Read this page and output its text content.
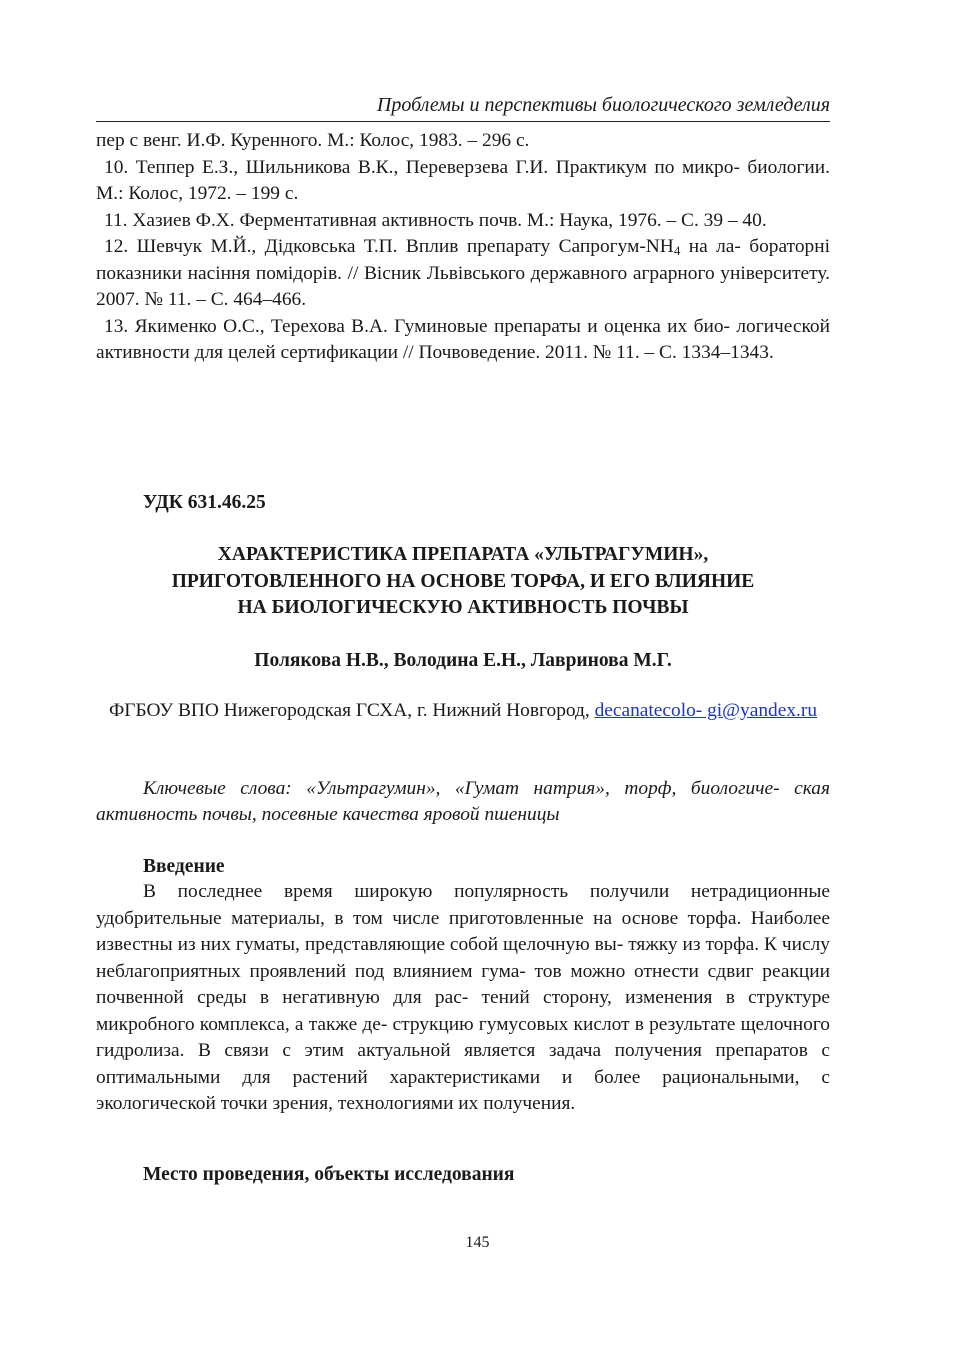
Проблемы и перспективы биологического земледелия

пер с венг. И.Ф. Куренного. М.: Колос, 1983. – 296 с.

10. Теппер Е.З., Шильникова В.К., Переверзева Г.И. Практикум по микро- биологии. М.: Колос, 1972. – 199 с.

11. Хазиев Ф.Х. Ферментативная активность почв. М.: Наука, 1976. – С. 39 – 40.

12. Шевчук М.Й., Дідковська Т.П. Вплив препарату Сапрогум-$NH_4$ на ла- бораторні показники насіння помідорів. // Вісник Львівського державного аграрного університету. 2007. № 11. – С. 464–466.

13. Якименко О.С., Терехова В.А. Гуминовые препараты и оценка их био- логической активности для целей сертификации // Почвоведение. 2011. № 11. – С. 1334–1343.

УДК 631.46.25
ХАРАКТЕРИСТИКА ПРЕПАРАТА «УЛЬТРАГУМИН»,
ПРИГОТОВЛЕННОГО НА ОСНОВЕ ТОРФА, И ЕГО ВЛИЯНИЕ
НА БИОЛОГИЧЕСКУЮ АКТИВНОСТЬ ПОЧВЫ
Полякова Н.В., Володина Е.Н., Лавринова М.Г.
ФГБОУ ВПО Нижегородская ГСХА, г. Нижний Новгород, decanatecolo- gi@yandex.ru
Ключевые слова: «Ультрагумин», «Гумат натрия», торф, биологиче- ская активность почвы, посевные качества яровой пшеницы
Введение
В последнее время широкую популярность получили нетрадиционные удобрительные материалы, в том числе приготовленные на основе торфа. Наиболее известны из них гуматы, представляющие собой щелочную вы- тяжку из торфа. К числу неблагоприятных проявлений под влиянием гума- тов можно отнести сдвиг реакции почвенной среды в негативную для рас- тений сторону, изменения в структуре микробного комплекса, а также де- струкцию гумусовых кислот в результате щелочного гидролиза. В связи с этим актуальной является задача получения препаратов с оптимальными для растений характеристиками и более рациональными, с экологической точки зрения, технологиями их получения.
Место проведения, объекты исследования
145
